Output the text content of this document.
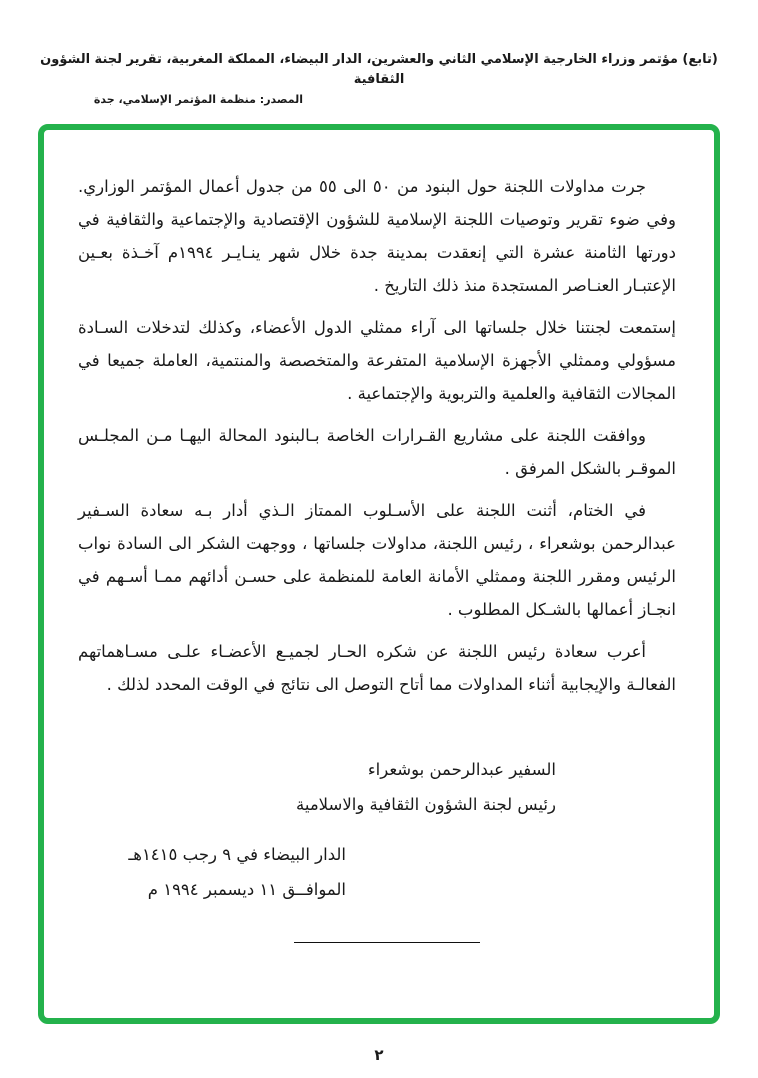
(تابع) مؤتمر وزراء الخارجية الإسلامي الثاني والعشرين، الدار البيضاء، المملكة المغربية، تقرير لجنة الشؤون الثقافية
المصدر: منظمة المؤتمر الإسلامي، جدة

جرت مداولات اللجنة حول البنود من ٥٠ الى ٥٥ من جدول أعمال المؤتمر الوزاري. وفي ضوء تقرير وتوصيات اللجنة الإسلامية للشؤون الإقتصادية والإجتماعية والثقافية في دورتها الثامنة عشرة التي إنعقدت بمدينة جدة خلال شهر ينـايـر ١٩٩٤م آخـذة بعـين الإعتبـار العنـاصر المستجدة منذ ذلك التاريخ .

إستمعت لجنتنا خلال جلساتها الى آراء ممثلي الدول الأعضاء، وكذلك لتدخلات السـادة مسؤولي وممثلي الأجهزة الإسلامية المتفرعة والمتخصصة والمنتمية، العاملة جميعا في المجالات الثقافية والعلمية والتربوية والإجتماعية .

ووافقت اللجنة على مشاريع القـرارات الخاصة بـالبنود المحالة اليهـا مـن المجلـس الموقـر بالشكل المرفق .

في الختام، أثنت اللجنة على الأسـلوب الممتاز الـذي أدار بـه سعادة السـفير عبدالرحمن بوشعراء ، رئيس اللجنة، مداولات جلساتها ، ووجهت الشكر الى السادة نواب الرئيس ومقرر اللجنة وممثلي الأمانة العامة للمنظمة على حسـن أدائهم ممـا أسـهم في انجـاز أعمالها بالشـكل المطلوب .

أعرب سعادة رئيس اللجنة عن شكره الحـار لجميـع الأعضـاء علـى مسـاهماتهم الفعالـة والإيجابية أثناء المداولات مما أتاح التوصل الى نتائج في الوقت المحدد لذلك .

السفير عبدالرحمن بوشعراء
رئيس لجنة الشؤون الثقافية والاسلامية
الدار البيضاء في ٩ رجب ١٤١٥هـ
الموافــق ١١ ديسمبر ١٩٩٤ م
٢
